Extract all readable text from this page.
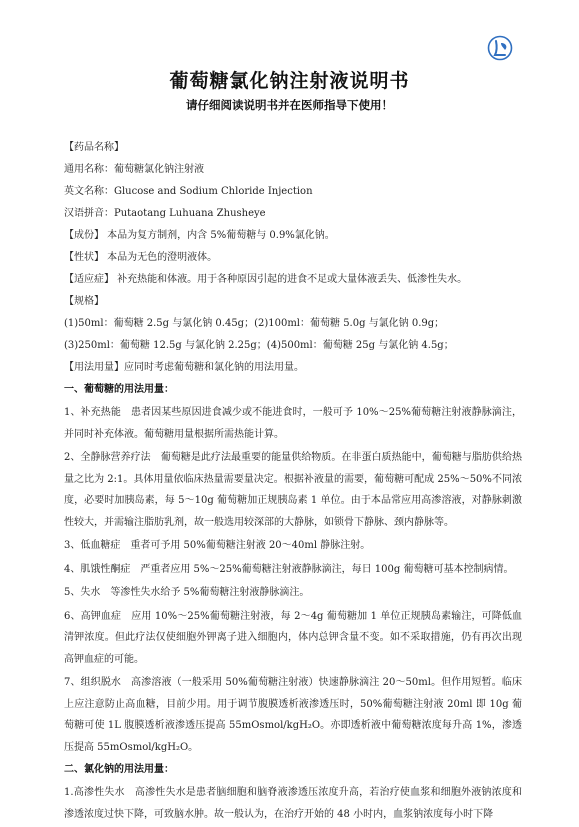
葡萄糖氯化钠注射液说明书
请仔细阅读说明书并在医师指导下使用！
【药品名称】
通用名称：葡萄糖氯化钠注射液
英文名称：Glucose and Sodium Chloride Injection
汉语拼音：Putaotang Luhuana Zhusheye
【成份】 本品为复方制剂，内含 5%葡萄糖与 0.9%氯化钠。
【性状】 本品为无色的澄明液体。
【适应症】 补充热能和体液。用于各种原因引起的进食不足或大量体液丢失、低渗性失水。
【规格】
(1)50ml：葡萄糖 2.5g 与氯化钠 0.45g；(2)100ml：葡萄糖 5.0g 与氯化钠 0.9g；
(3)250ml：葡萄糖 12.5g 与氯化钠 2.25g；(4)500ml：葡萄糖 25g 与氯化钠 4.5g；
【用法用量】应同时考虑葡萄糖和氯化钠的用法用量。
一、葡萄糖的用法用量：
1、补充热能　患者因某些原因进食减少或不能进食时，一般可予 10%～25%葡萄糖注射液静脉滴注，并同时补充体液。葡萄糖用量根据所需热能计算。
2、全静脉营养疗法　葡萄糖是此疗法最重要的能量供给物质。在非蛋白质热能中，葡萄糖与脂肪供给热量之比为 2:1。具体用量依临床热量需要量决定。根据补液量的需要，葡萄糖可配成 25%～50%不同浓度，必要时加胰岛素，每 5～10g 葡萄糖加正规胰岛素 1 单位。由于本品常应用高渗溶液，对静脉刺激性较大，并需输注脂肪乳剂，故一般选用较深部的大静脉，如锁骨下静脉、颈内静脉等。
3、低血糖症　重者可予用 50%葡萄糖注射液 20～40ml 静脉注射。
4、肌饿性酮症　严重者应用 5%～25%葡萄糖注射液静脉滴注，每日 100g 葡萄糖可基本控制病情。
5、失水　等渗性失水给予 5%葡萄糖注射液静脉滴注。
6、高钾血症　应用 10%～25%葡萄糖注射液，每 2～4g 葡萄糖加 1 单位正规胰岛素输注，可降低血清钾浓度。但此疗法仅使细胞外钾离子进入细胞内，体内总钾含量不变。如不采取措施，仍有再次出现高钾血症的可能。
7、组织脱水　高渗溶液（一般采用 50%葡萄糖注射液）快速静脉滴注 20～50ml。但作用短暂。临床上应注意防止高血糖，目前少用。用于调节腹膜透析液渗透压时，50%葡萄糖注射液 20ml 即 10g 葡萄糖可使 1L 腹膜透析液渗透压提高 55mOsmol/kgH₂O。亦即透析液中葡萄糖浓度每升高 1%，渗透压提高 55mOsmol/kgH₂O。
二、氯化钠的用法用量：
1.高渗性失水　高渗性失水是患者脑细胞和脑脊液渗透压浓度升高，若治疗使血浆和细胞外液钠浓度和渗透浓度过快下降，可致脑水肿。故一般认为，在治疗开始的 48 小时内，血浆钠浓度每小时下降
